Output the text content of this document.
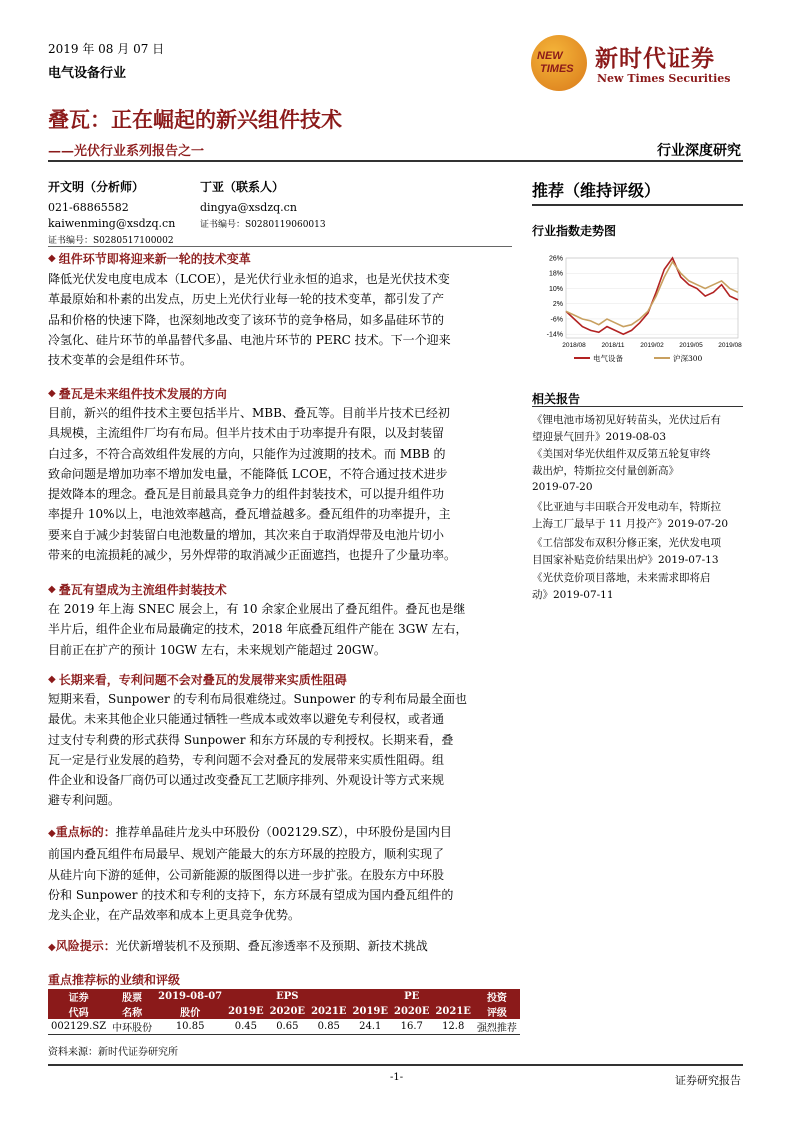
2019 年 08 月 07 日
电气设备行业
NEW
TIMES 新时代证券
New Times Securities
叠瓦：正在崛起的新兴组件技术
——光伏行业系列报告之一	行业深度研究
开文明（分析师）
021-68865582
kaiwenming@xsdzq.cn
证书编号：S0280517100002
丁亚（联系人）
dingya@xsdzq.cn
证书编号：S0280119060013
◆ 组件环节即将迎来新一轮的技术变革
降低光伏发电度电成本（LCOE），是光伏行业永恒的追求，也是光伏技术变
革最原始和朴素的出发点，历史上光伏行业每一轮的技术变革，都引发了产
品和价格的快速下降，也深刻地改变了该环节的竞争格局，如多晶硅环节的
冷氢化、硅片环节的单晶替代多晶、电池片环节的 PERC 技术。下一个迎来
技术变革的会是组件环节。
◆ 叠瓦是未来组件技术发展的方向
目前，新兴的组件技术主要包括半片、MBB、叠瓦等。目前半片技术已经初
具规模，主流组件厂均有布局。但半片技术由于功率提升有限，以及封装留
白过多，不符合高效组件发展的方向，只能作为过渡期的技术。而 MBB 的
致命问题是增加功率不增加发电量，不能降低 LCOE，不符合通过技术进步
提效降本的理念。叠瓦是目前最具竞争力的组件封装技术，可以提升组件功
率提升 10%以上，电池效率越高，叠瓦增益越多。叠瓦组件的功率提升，主
要来自于减少封装留白电池数量的增加，其次来自于取消焊带及电池片切小
带来的电流损耗的减少，另外焊带的取消减少正面遮挡，也提升了少量功率。
◆ 叠瓦有望成为主流组件封装技术
在 2019 年上海 SNEC 展会上，有 10 余家企业展出了叠瓦组件。叠瓦也是继
半片后，组件企业布局最确定的技术，2018 年底叠瓦组件产能在 3GW 左右，
目前正在扩产的预计 10GW 左右，未来规划产能超过 20GW。
◆ 长期来看，专利问题不会对叠瓦的发展带来实质性阻碍
短期来看，Sunpower 的专利布局很难绕过。Sunpower 的专利布局最全面也
最优。未来其他企业只能通过牺牲一些成本或效率以避免专利侵权，或者通
过支付专利费的形式获得 Sunpower 和东方环晟的专利授权。长期来看，叠
瓦一定是行业发展的趋势，专利问题不会对叠瓦的发展带来实质性阻碍。组
件企业和设备厂商仍可以通过改变叠瓦工艺顺序排列、外观设计等方式来规
避专利问题。
◆重点标的：推荐单晶硅片龙头中环股份（002129.SZ），中环股份是国内目
前国内叠瓦组件布局最早、规划产能最大的东方环晟的控股方，顺利实现了
从硅片向下游的延伸，公司新能源的版图得以进一步扩张。在股东方中环股
份和 Sunpower 的技术和专利的支持下，东方环晟有望成为国内叠瓦组件的
龙头企业，在产品效率和成本上更具竞争优势。
◆风险提示：光伏新增装机不及预期、叠瓦渗透率不及预期、新技术挑战
推荐（维持评级）
行业指数走势图
26%
18%
10%
2%
-6%
-14%
2018/08 2018/11 2019/02 2019/05 2019/08
电气设备	沪深300
相关报告
《锂电池市场初见好转苗头，光伏过后有
望迎景气回升》2019-08-03
《美国对华光伏组件双反第五轮复审终
裁出炉，特斯拉交付量创新高》
2019-07-20
《比亚迪与丰田联合开发电动车，特斯拉
上海工厂最早于 11 月投产》2019-07-20
《工信部发布双积分修正案，光伏发电项
目国家补贴竞价结果出炉》2019-07-13
《光伏竞价项目落地，未来需求即将启
动》2019-07-11
重点推荐标的业绩和评级
证券	股票	2019-08-07	EPS			PE			投资
代码	名称	股价	2019E	2020E	2021E	2019E	2020E	2021E	评级
002129.SZ	中环股份	10.85	0.45	0.65	0.85	24.1	16.7	12.8	强烈推荐
资料来源：新时代证券研究所
-1-	证券研究报告
